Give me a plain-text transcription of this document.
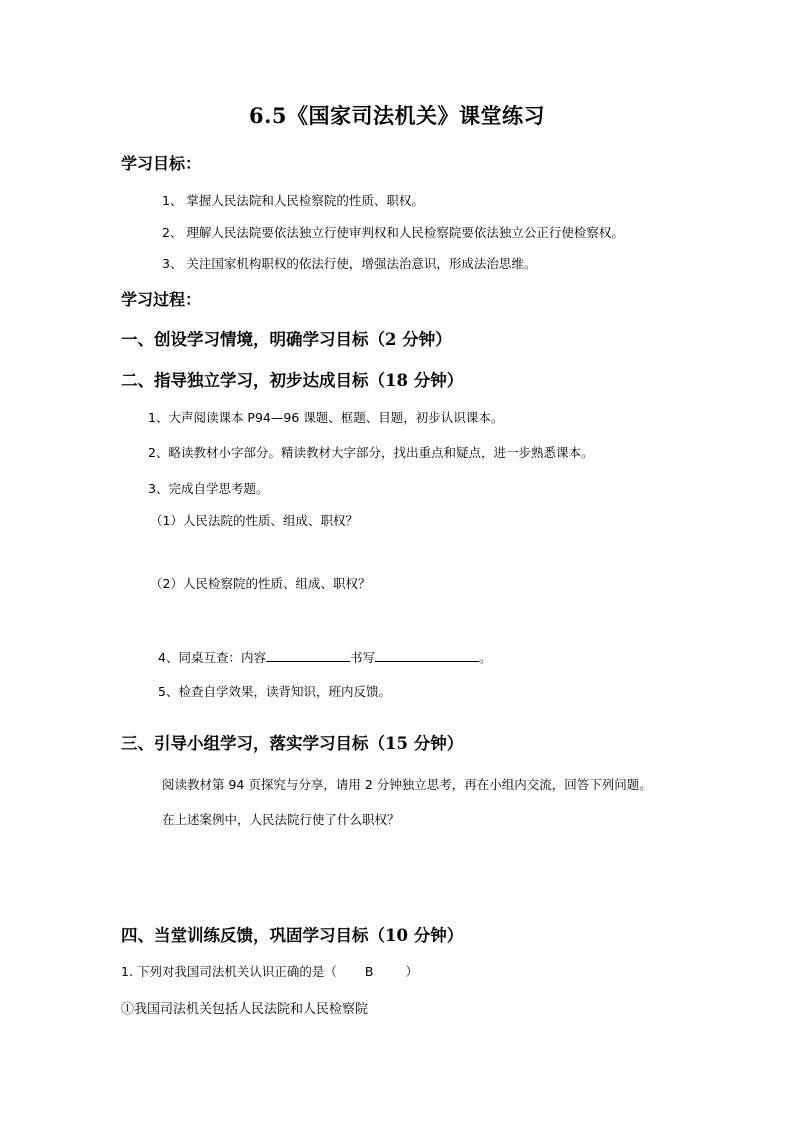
6.5《国家司法机关》课堂练习
学习目标：
1、 掌握人民法院和人民检察院的性质、职权。
2、 理解人民法院要依法独立行使审判权和人民检察院要依法独立公正行使检察权。
3、 关注国家机构职权的依法行使，增强法治意识，形成法治思维。
学习过程：
一、创设学习情境，明确学习目标（2 分钟）
二、指导独立学习，初步达成目标（18 分钟）
1、大声阅读课本 P94—96 课题、框题、目题，初步认识课本。
2、略读教材小字部分。精读教材大字部分，找出重点和疑点，进一步熟悉课本。
3、完成自学思考题。
（1）人民法院的性质、组成、职权？
（2）人民检察院的性质、组成、职权？
4、同桌互查：内容	书写	。
5、检查自学效果，读背知识，班内反馈。
三、引导小组学习，落实学习目标（15 分钟）
阅读教材第 94 页探究与分享，请用 2 分钟独立思考，再在小组内交流，回答下列问题。
在上述案例中，人民法院行使了什么职权？
四、当堂训练反馈，巩固学习目标（10 分钟）
1. 下列对我国司法机关认识正确的是（ B	）
①我国司法机关包括人民法院和人民检察院
